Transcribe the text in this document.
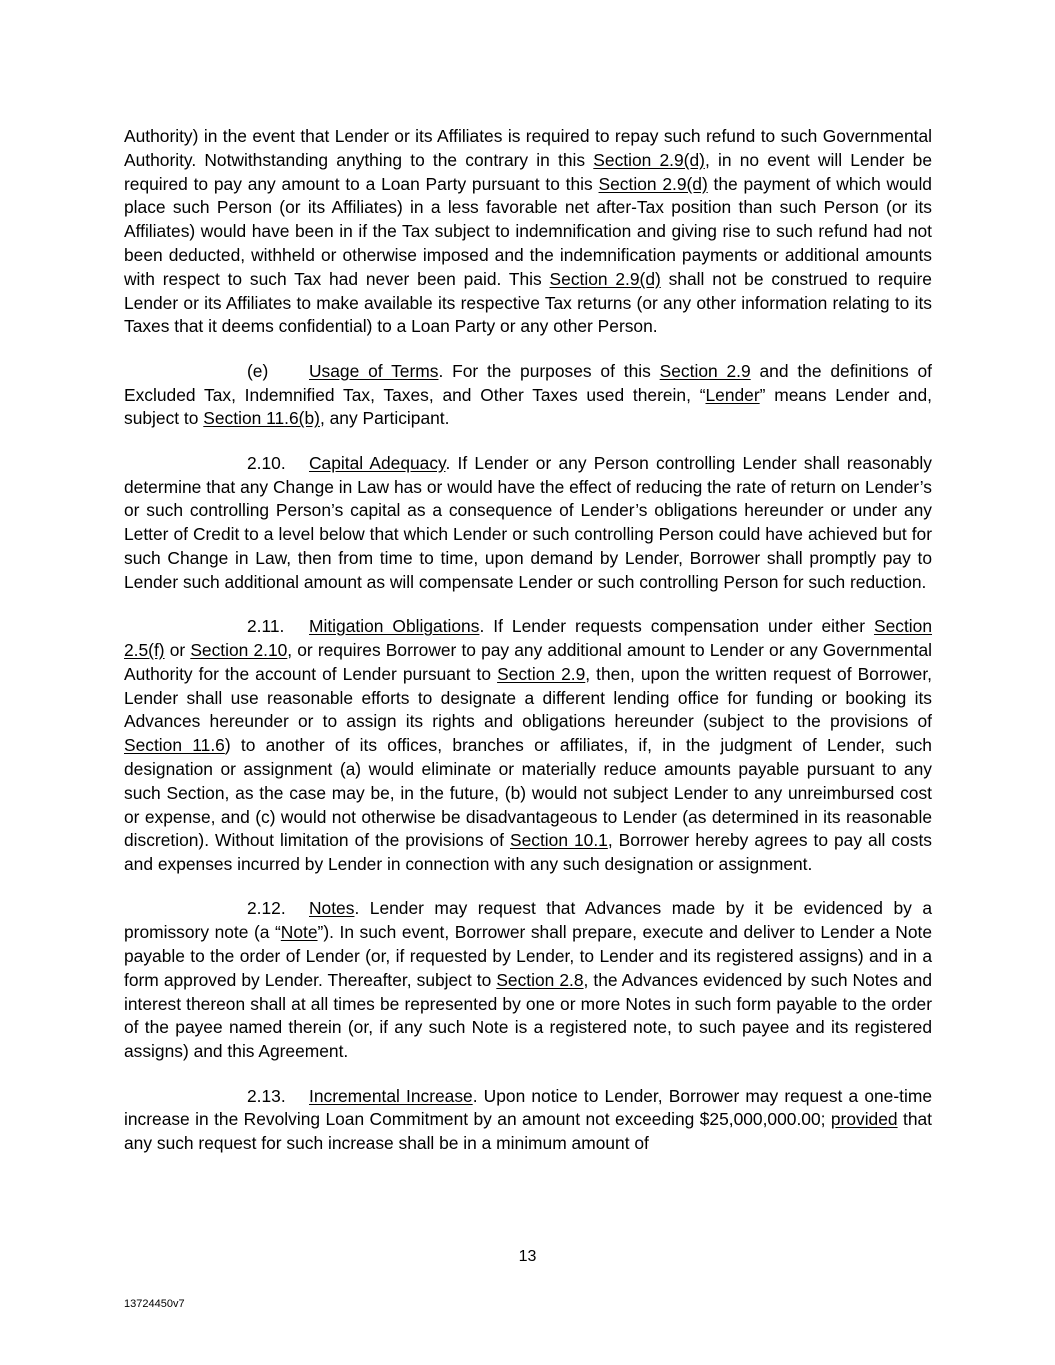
Authority) in the event that Lender or its Affiliates is required to repay such refund to such Governmental Authority. Notwithstanding anything to the contrary in this Section 2.9(d), in no event will Lender be required to pay any amount to a Loan Party pursuant to this Section 2.9(d) the payment of which would place such Person (or its Affiliates) in a less favorable net after-Tax position than such Person (or its Affiliates) would have been in if the Tax subject to indemnification and giving rise to such refund had not been deducted, withheld or otherwise imposed and the indemnification payments or additional amounts with respect to such Tax had never been paid. This Section 2.9(d) shall not be construed to require Lender or its Affiliates to make available its respective Tax returns (or any other information relating to its Taxes that it deems confidential) to a Loan Party or any other Person.

(e) Usage of Terms. For the purposes of this Section 2.9 and the definitions of Excluded Tax, Indemnified Tax, Taxes, and Other Taxes used therein, “Lender” means Lender and, subject to Section 11.6(b), any Participant.

2.10. Capital Adequacy. If Lender or any Person controlling Lender shall reasonably determine that any Change in Law has or would have the effect of reducing the rate of return on Lender’s or such controlling Person’s capital as a consequence of Lender’s obligations hereunder or under any Letter of Credit to a level below that which Lender or such controlling Person could have achieved but for such Change in Law, then from time to time, upon demand by Lender, Borrower shall promptly pay to Lender such additional amount as will compensate Lender or such controlling Person for such reduction.

2.11. Mitigation Obligations. If Lender requests compensation under either Section 2.5(f) or Section 2.10, or requires Borrower to pay any additional amount to Lender or any Governmental Authority for the account of Lender pursuant to Section 2.9, then, upon the written request of Borrower, Lender shall use reasonable efforts to designate a different lending office for funding or booking its Advances hereunder or to assign its rights and obligations hereunder (subject to the provisions of Section 11.6) to another of its offices, branches or affiliates, if, in the judgment of Lender, such designation or assignment (a) would eliminate or materially reduce amounts payable pursuant to any such Section, as the case may be, in the future, (b) would not subject Lender to any unreimbursed cost or expense, and (c) would not otherwise be disadvantageous to Lender (as determined in its reasonable discretion). Without limitation of the provisions of Section 10.1, Borrower hereby agrees to pay all costs and expenses incurred by Lender in connection with any such designation or assignment.

2.12. Notes. Lender may request that Advances made by it be evidenced by a promissory note (a “Note”). In such event, Borrower shall prepare, execute and deliver to Lender a Note payable to the order of Lender (or, if requested by Lender, to Lender and its registered assigns) and in a form approved by Lender. Thereafter, subject to Section 2.8, the Advances evidenced by such Notes and interest thereon shall at all times be represented by one or more Notes in such form payable to the order of the payee named therein (or, if any such Note is a registered note, to such payee and its registered assigns) and this Agreement.

2.13. Incremental Increase. Upon notice to Lender, Borrower may request a one-time increase in the Revolving Loan Commitment by an amount not exceeding $25,000,000.00; provided that any such request for such increase shall be in a minimum amount of

13
13724450v7
